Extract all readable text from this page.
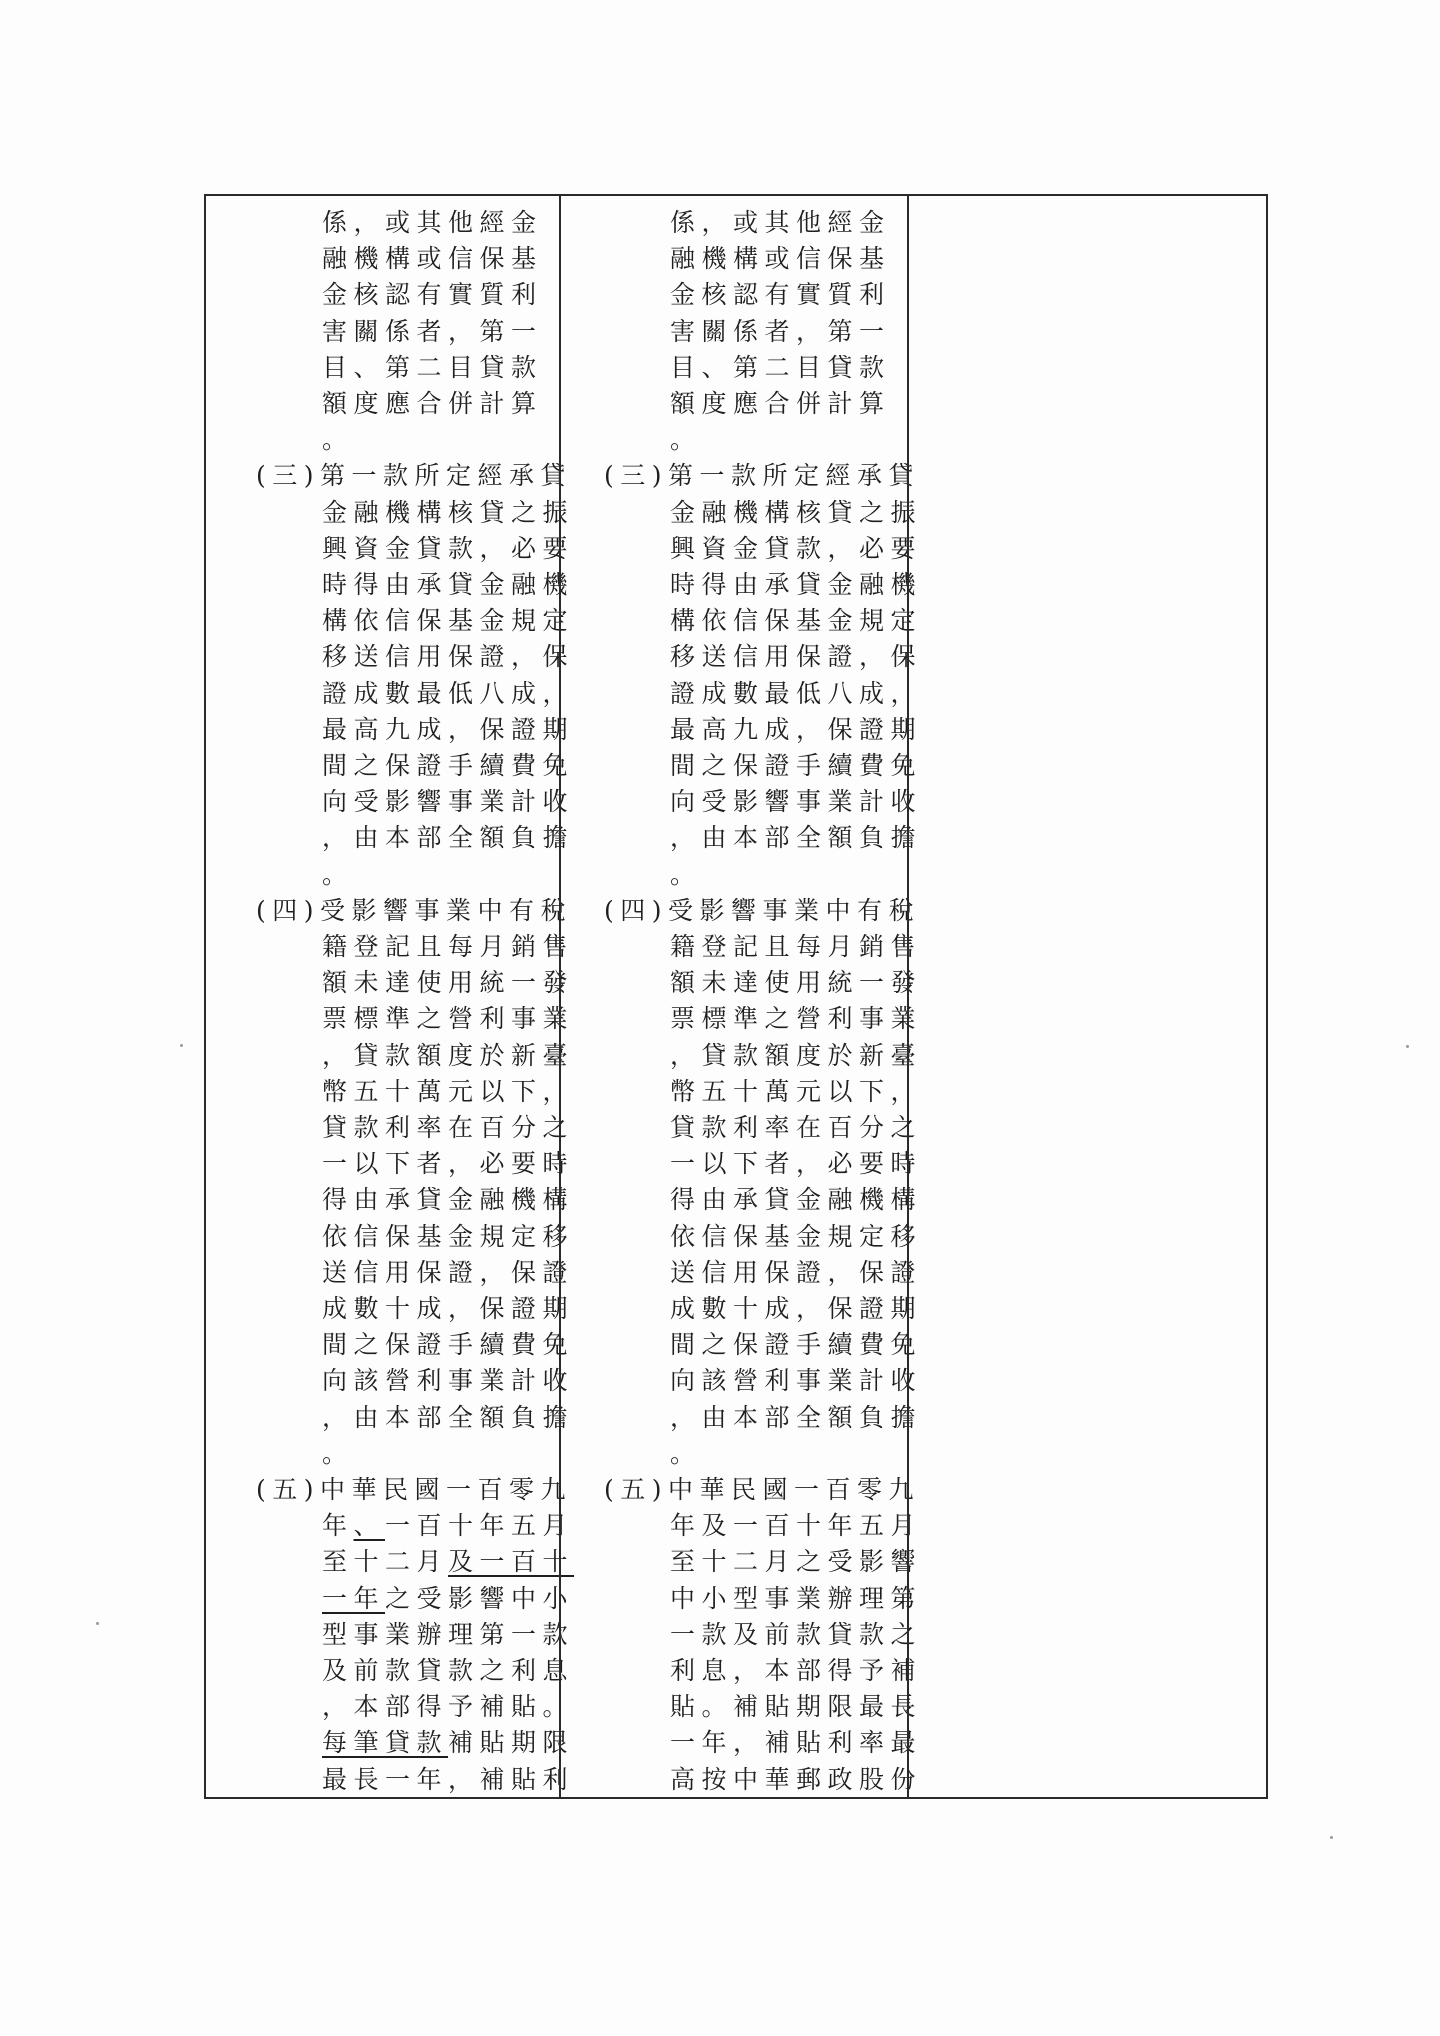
係，或其他經金
融機構或信保基
金核認有實質利
害關係者，第一
目、第二目貸款
額度應合併計算
。
(三)第一款所定經承貸
金融機構核貸之振
興資金貸款，必要
時得由承貸金融機
構依信保基金規定
移送信用保證，保
證成數最低八成，
最高九成，保證期
間之保證手續費免
向受影響事業計收
，由本部全額負擔
。
(四)受影響事業中有稅
籍登記且每月銷售
額未達使用統一發
票標準之營利事業
，貸款額度於新臺
幣五十萬元以下，
貸款利率在百分之
一以下者，必要時
得由承貸金融機構
依信保基金規定移
送信用保證，保證
成數十成，保證期
間之保證手續費免
向該營利事業計收
，由本部全額負擔
。
(五)中華民國一百零九
年、一百十年五月
至十二月及一百十
一年之受影響中小
型事業辦理第一款
及前款貸款之利息
，本部得予補貼。
每筆貸款補貼期限
最長一年，補貼利
係，或其他經金
融機構或信保基
金核認有實質利
害關係者，第一
目、第二目貸款
額度應合併計算
。
(三)第一款所定經承貸
金融機構核貸之振
興資金貸款，必要
時得由承貸金融機
構依信保基金規定
移送信用保證，保
證成數最低八成，
最高九成，保證期
間之保證手續費免
向受影響事業計收
，由本部全額負擔
。
(四)受影響事業中有稅
籍登記且每月銷售
額未達使用統一發
票標準之營利事業
，貸款額度於新臺
幣五十萬元以下，
貸款利率在百分之
一以下者，必要時
得由承貸金融機構
依信保基金規定移
送信用保證，保證
成數十成，保證期
間之保證手續費免
向該營利事業計收
，由本部全額負擔
。
(五)中華民國一百零九
年及一百十年五月
至十二月之受影響
中小型事業辦理第
一款及前款貸款之
利息，本部得予補
貼。補貼期限最長
一年，補貼利率最
高按中華郵政股份
